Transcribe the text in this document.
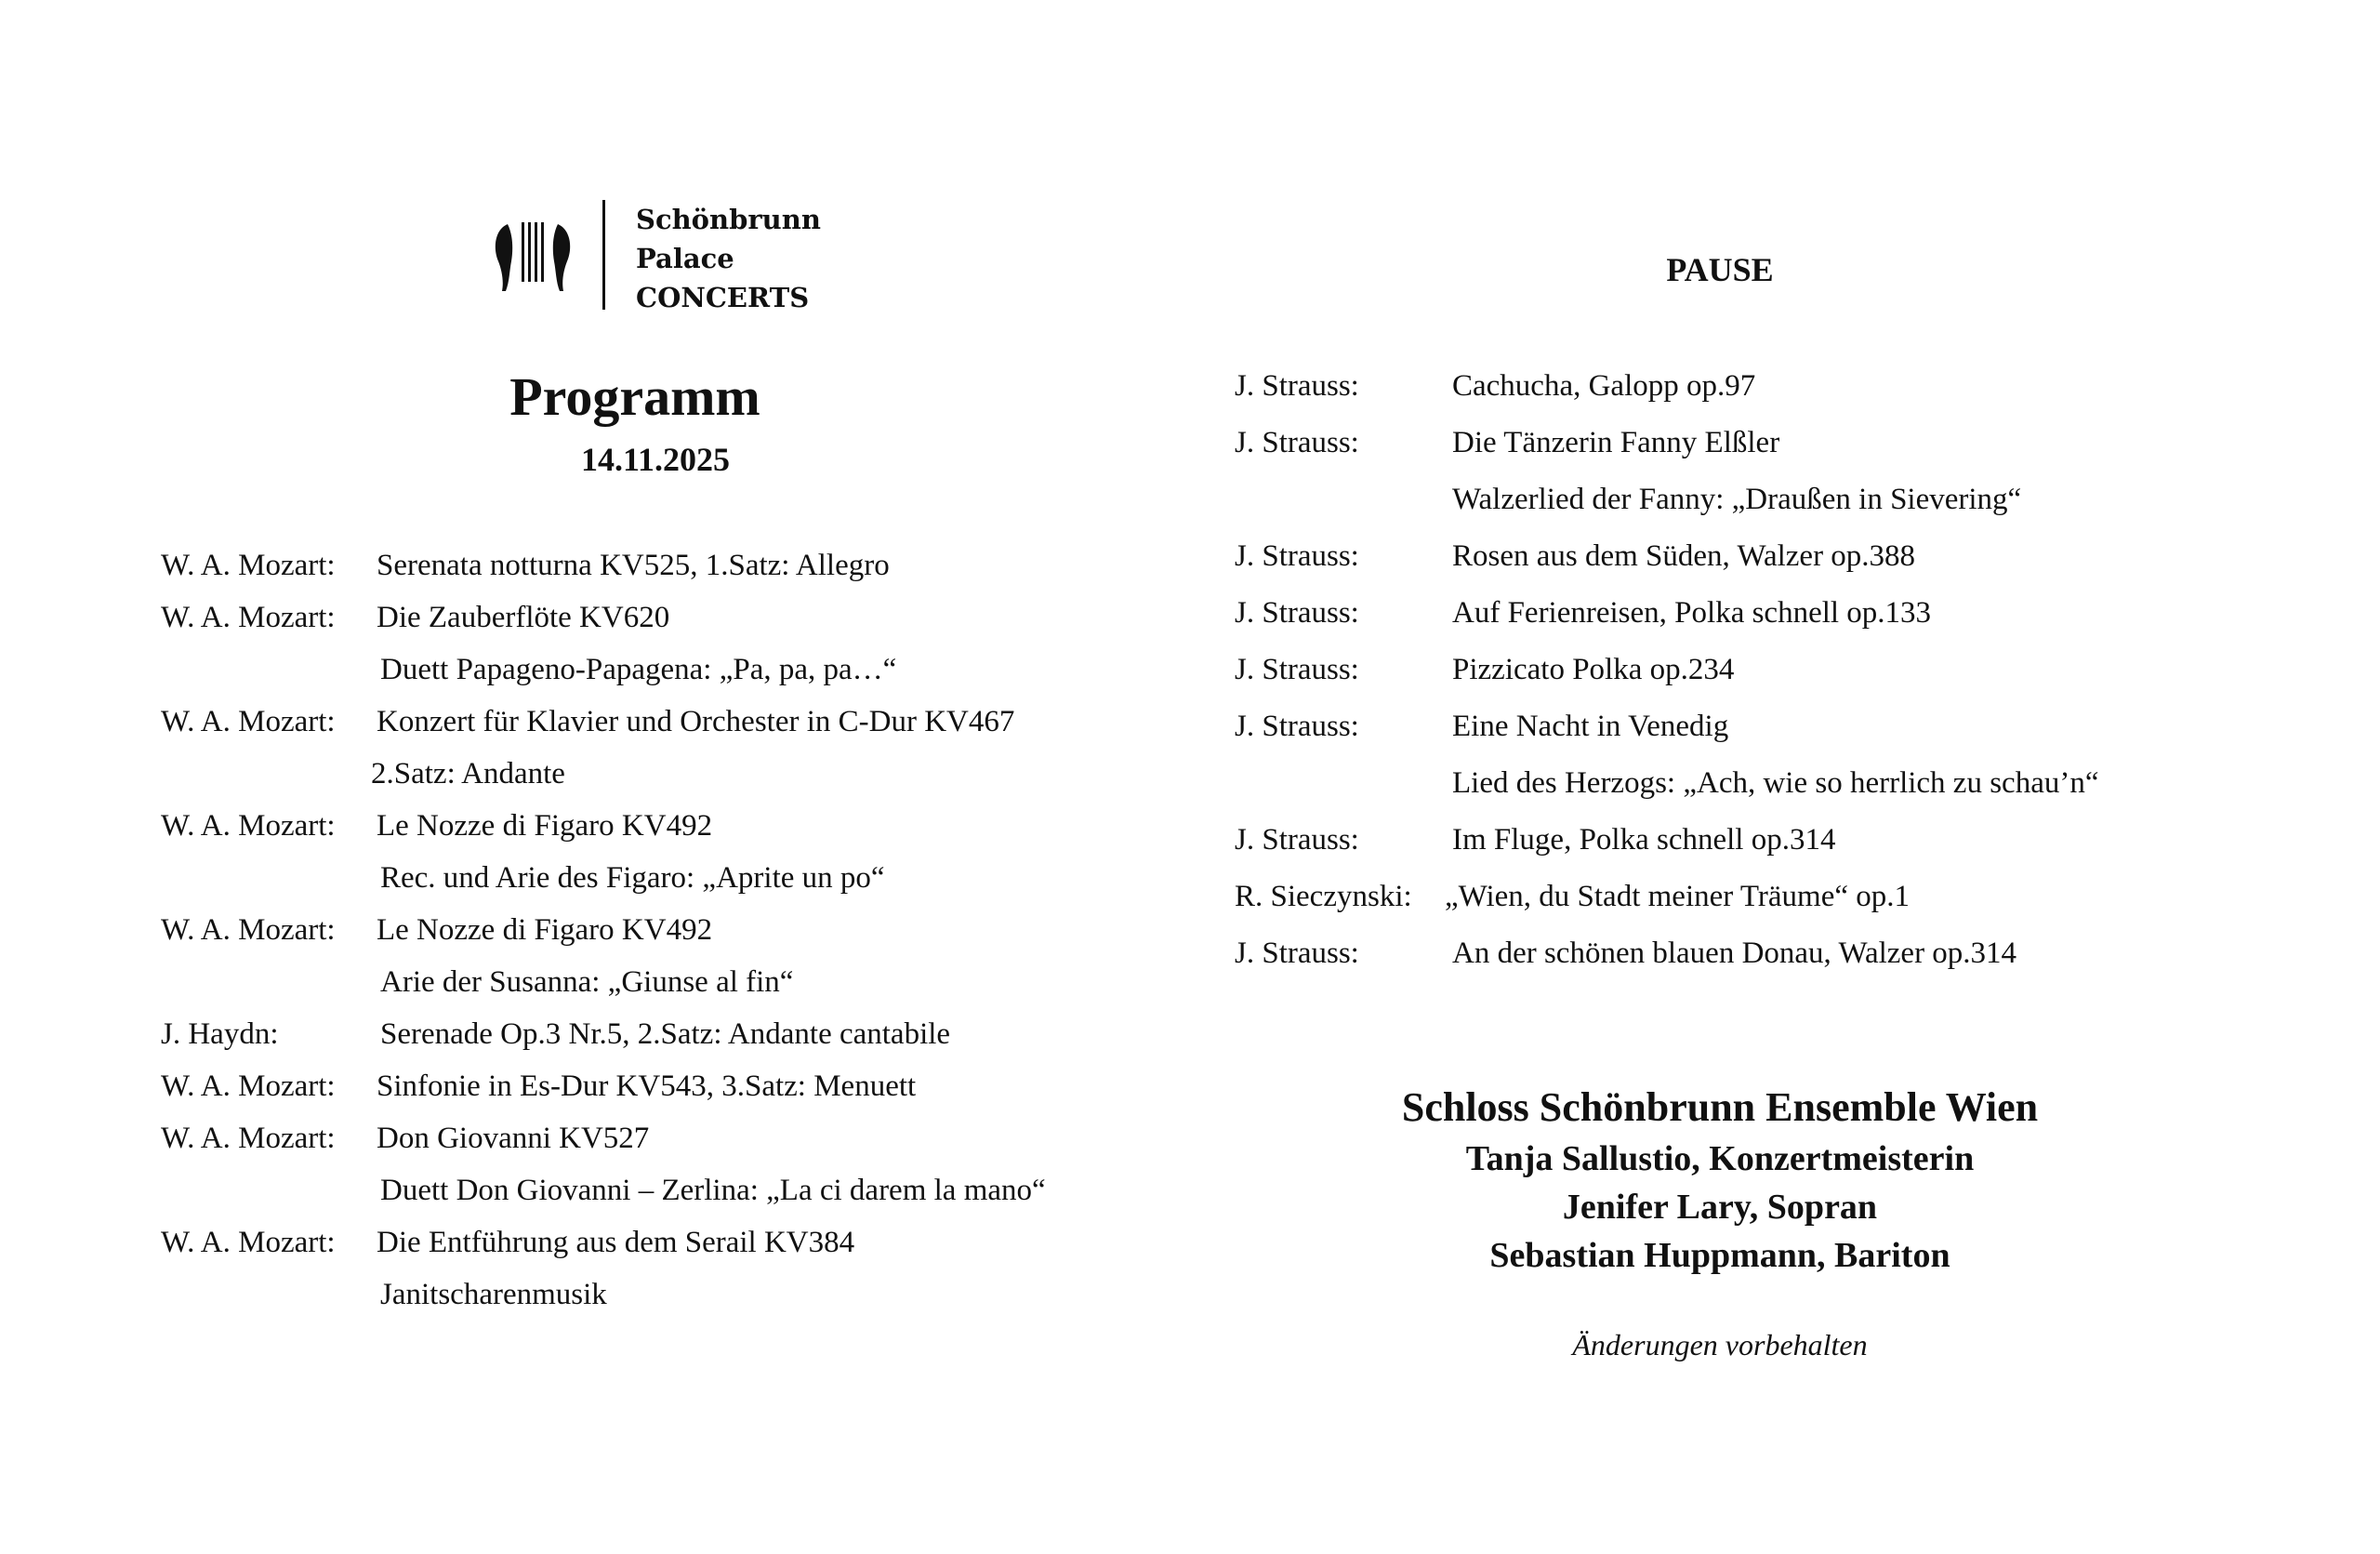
Schönbrunn
Palace
CONCERTS
Programm
14.11.2025
W. A. Mozart: Serenata notturna KV525, 1.Satz: Allegro
W. A. Mozart: Die Zauberflöte KV620
Duett Papageno-Papagena: „Pa, pa, pa…“
W. A. Mozart: Konzert für Klavier und Orchester in C-Dur KV467
2.Satz: Andante
W. A. Mozart: Le Nozze di Figaro KV492
Rec. und Arie des Figaro: „Aprite un po“
W. A. Mozart: Le Nozze di Figaro KV492
Arie der Susanna: „Giunse al fin“
J. Haydn:	Serenade Op.3 Nr.5, 2.Satz: Andante cantabile
W. A. Mozart: Sinfonie in Es-Dur KV543, 3.Satz: Menuett
W. A. Mozart: Don Giovanni KV527
Duett Don Giovanni – Zerlina: „La ci darem la mano“
W. A. Mozart: Die Entführung aus dem Serail KV384
Janitscharenmusik
PAUSE
J. Strauss:	Cachucha, Galopp op.97
J. Strauss:	Die Tänzerin Fanny Elßler
Walzerlied der Fanny: „Draußen in Sievering“
J. Strauss:	Rosen aus dem Süden, Walzer op.388
J. Strauss:	Auf Ferienreisen, Polka schnell op.133
J. Strauss:	Pizzicato Polka op.234
J. Strauss:	Eine Nacht in Venedig
Lied des Herzogs: „Ach, wie so herrlich zu schau’n“
J. Strauss:	Im Fluge, Polka schnell op.314
R. Sieczynski: „Wien, du Stadt meiner Träume“ op.1
J. Strauss:	An der schönen blauen Donau, Walzer op.314
Schloss Schönbrunn Ensemble Wien
Tanja Sallustio, Konzertmeisterin
Jenifer Lary, Sopran
Sebastian Huppmann, Bariton
Änderungen vorbehalten
